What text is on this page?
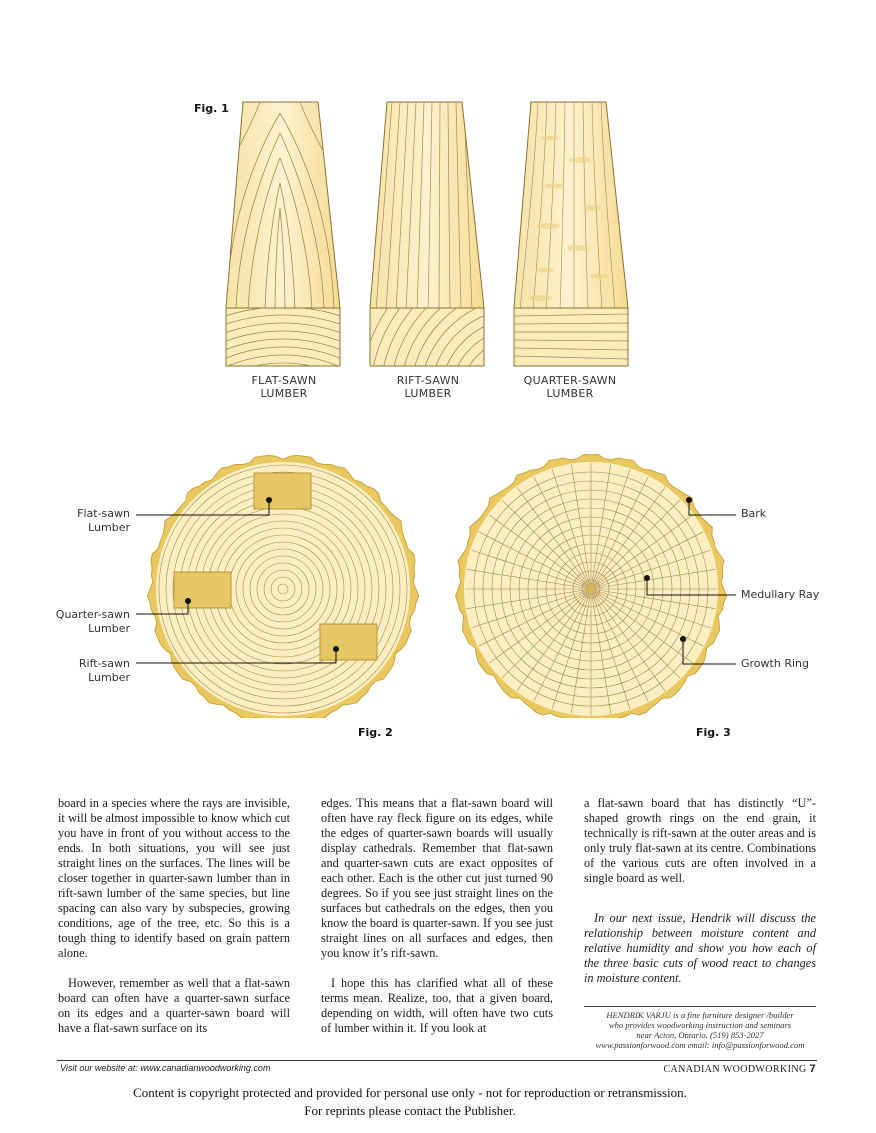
Fig. 1
FLAT-SAWN
LUMBER
RIFT-SAWN
LUMBER
QUARTER-SAWN
LUMBER
Flat-sawn
Lumber
Quarter-sawn
Lumber
Rift-sawn
Lumber
Fig. 2
Bark
Medullary Ray
Growth Ring
Fig. 3

board in a species where the rays are invisible, it will be almost impossible to know which cut you have in front of you without access to the ends. In both situations, you will see just straight lines on the surfaces. The lines will be closer together in quarter-sawn lumber than in rift-sawn lumber of the same species, but line spacing can also vary by subspecies, growing conditions, age of the tree, etc. So this is a tough thing to identify based on grain pattern alone.

However, remember as well that a flat-sawn board can often have a quarter-sawn surface on its edges and a quarter-sawn board will have a flat-sawn surface on its

edges. This means that a flat-sawn board will often have ray fleck figure on its edges, while the edges of quarter-sawn boards will usually display cathedrals. Remember that flat-sawn and quarter-sawn cuts are exact opposites of each other. Each is the other cut just turned 90 degrees. So if you see just straight lines on the surfaces but cathedrals on the edges, then you know the board is quarter-sawn. If you see just straight lines on all surfaces and edges, then you know it’s rift-sawn.

I hope this has clarified what all of these terms mean. Realize, too, that a given board, depending on width, will often have two cuts of lumber within it. If you look at

a flat-sawn board that has distinctly “U”-shaped growth rings on the end grain, it technically is rift-sawn at the outer areas and is only truly flat-sawn at its centre. Combinations of the various cuts are often involved in a single board as well.

In our next issue, Hendrik will discuss the relationship between moisture content and relative humidity and show you how each of the three basic cuts of wood react to changes in moisture content.

HENDRIK VARJU is a fine furniture designer /builder
who provides woodworking instruction and seminars
near Acton, Ontario. (519) 853-2027
www.passionforwood.com email: info@passionforwood.com
Visit our website at: www.canadianwoodworking.com	CANADIAN WOODWORKING 7
Content is copyright protected and provided for personal use only - not for reproduction or retransmission.
For reprints please contact the Publisher.
